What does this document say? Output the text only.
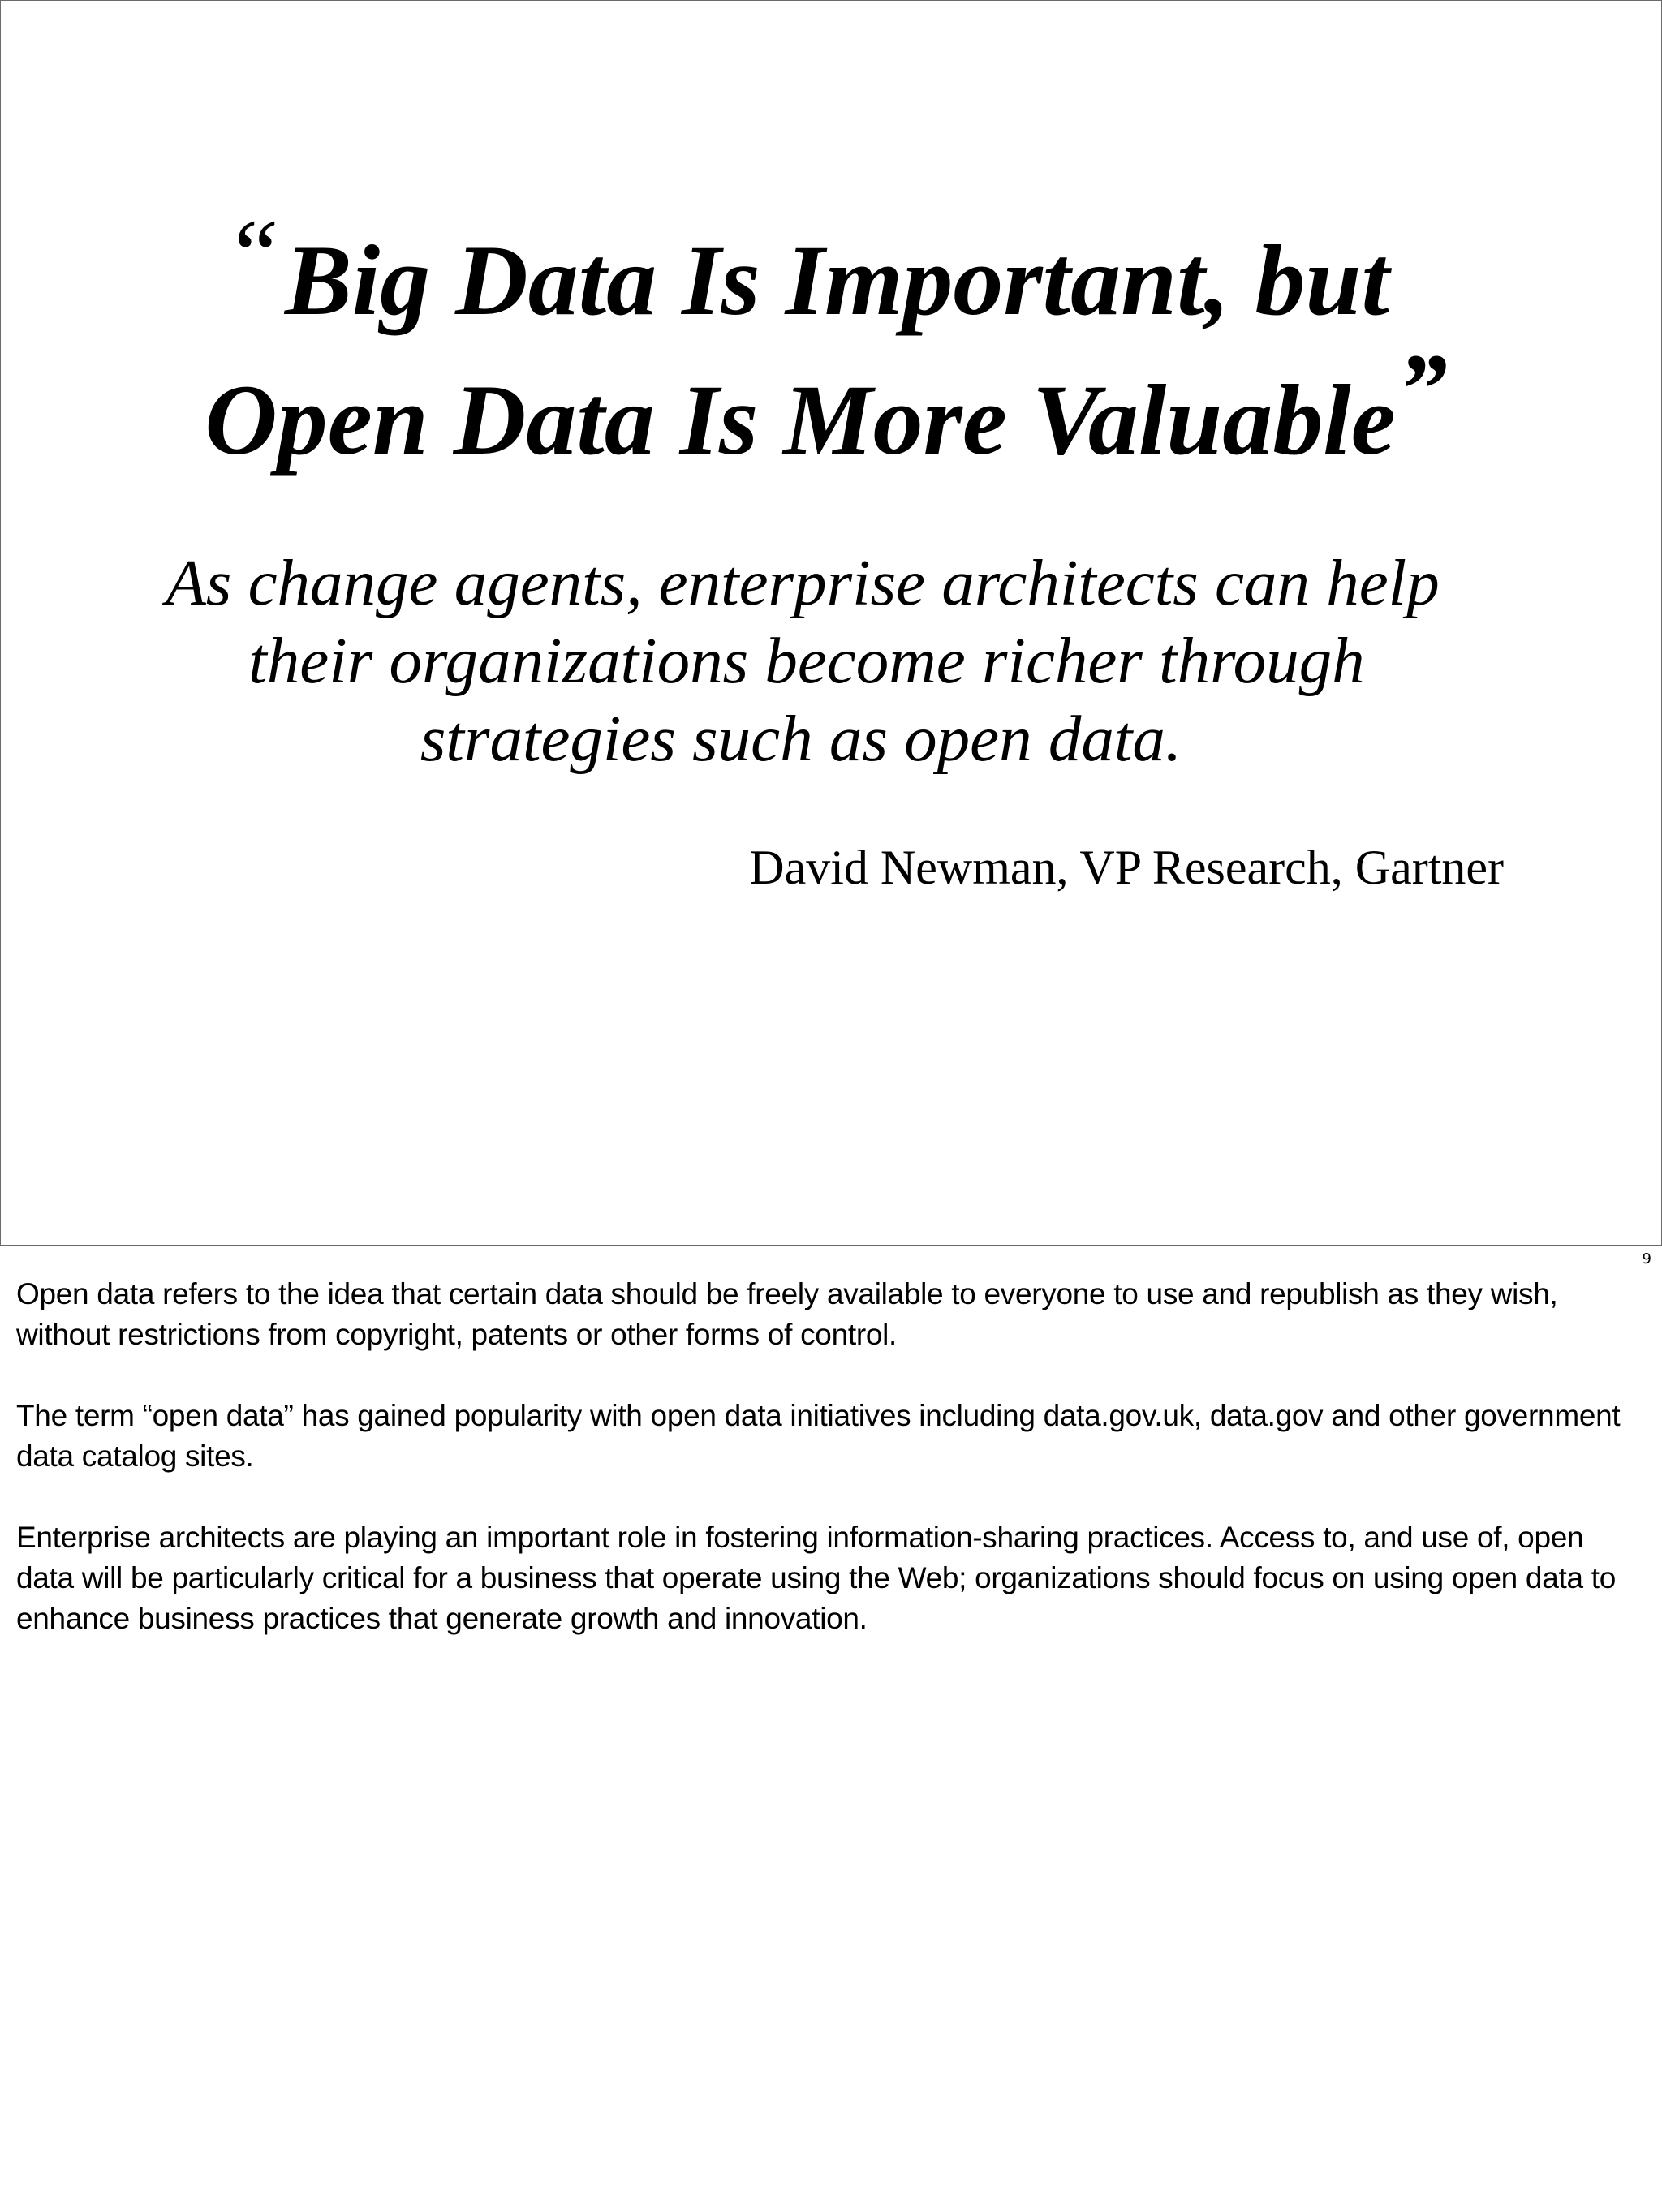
“Big Data Is Important, but
Open Data Is More Valuable”
As change agents, enterprise architects can help
their organizations become richer through
strategies such as open data.
David Newman, VP Research, Gartner
9

Open data refers to the idea that certain data should be freely available to everyone to use and republish as they wish, without restrictions from copyright, patents or other forms of control.

The term “open data” has gained popularity with open data initiatives including data.gov.uk, data.gov and other government data catalog sites.

Enterprise architects are playing an important role in fostering information-sharing practices. Access to, and use of, open data will be particularly critical for a business that operate using the Web; organizations should focus on using open data to enhance business practices that generate growth and innovation.
